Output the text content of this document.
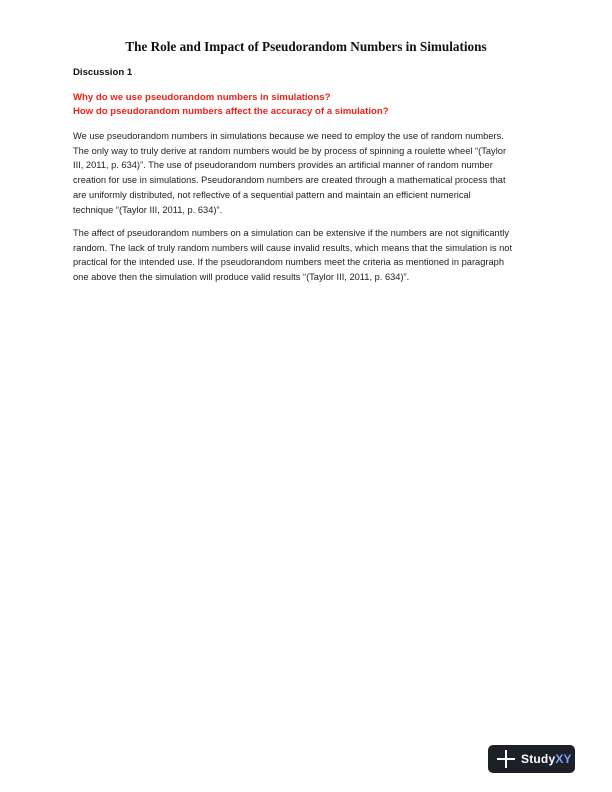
The Role and Impact of Pseudorandom Numbers in Simulations

Discussion 1

Why do we use pseudorandom numbers in simulations?
How do pseudorandom numbers affect the accuracy of a simulation?
We use pseudorandom numbers in simulations because we need to employ the use of random numbers.
The only way to truly derive at random numbers would be by process of spinning a roulette wheel “(Taylor
III, 2011, p. 634)”. The use of pseudorandom numbers provides an artificial manner of random number
creation for use in simulations. Pseudorandom numbers are created through a mathematical process that
are uniformly distributed, not reflective of a sequential pattern and maintain an efficient numerical
technique “(Taylor III, 2011, p. 634)”.
The affect of pseudorandom numbers on a simulation can be extensive if the numbers are not significantly
random. The lack of truly random numbers will cause invalid results, which means that the simulation is not
practical for the intended use. If the pseudorandom numbers meet the criteria as mentioned in paragraph
one above then the simulation will produce valid results “(Taylor III, 2011, p. 634)”.
StudyXY
